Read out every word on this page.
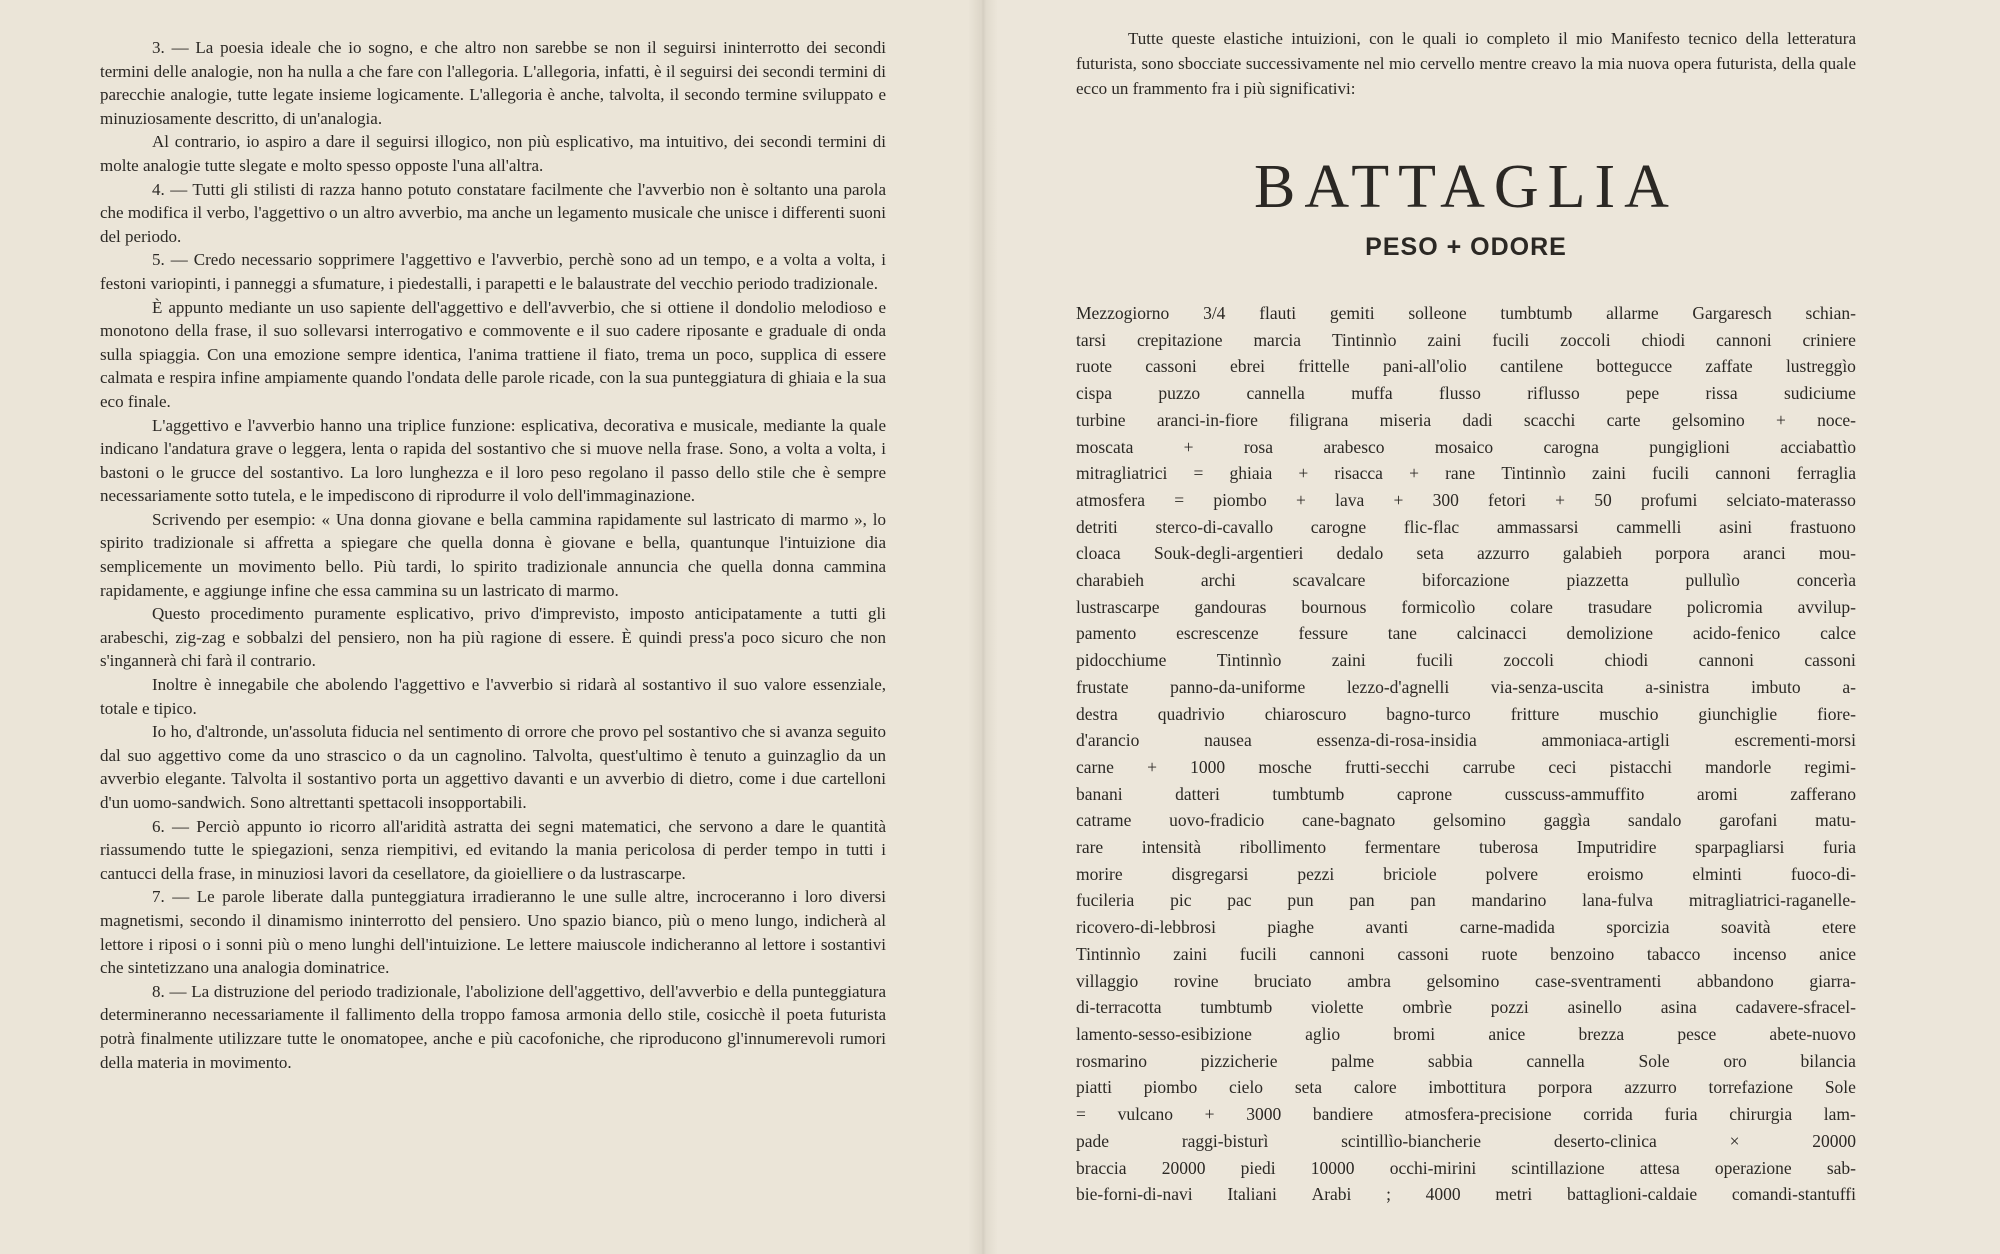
3. — La poesia ideale che io sogno, e che altro non sarebbe se non il seguirsi ininterrotto dei secondi termini delle analogie, non ha nulla a che fare con l'allegoria. L'allegoria, infatti, è il seguirsi dei secondi termini di parecchie analogie, tutte legate insieme logicamente. L'allegoria è anche, talvolta, il secondo termine sviluppato e minuziosamente descritto, di un'analogia.

Al contrario, io aspiro a dare il seguirsi illogico, non più esplicativo, ma intuitivo, dei secondi termini di molte analogie tutte slegate e molto spesso opposte l'una all'altra.

4. — Tutti gli stilisti di razza hanno potuto constatare facilmente che l'avverbio non è soltanto una parola che modifica il verbo, l'aggettivo o un altro avverbio, ma anche un legamento musicale che unisce i differenti suoni del periodo.

5. — Credo necessario sopprimere l'aggettivo e l'avverbio, perchè sono ad un tempo, e a volta a volta, i festoni variopinti, i panneggi a sfumature, i piedestalli, i parapetti e le balaustrate del vecchio periodo tradizionale.

È appunto mediante un uso sapiente dell'aggettivo e dell'avverbio, che si ottiene il dondolio melodioso e monotono della frase, il suo sollevarsi interrogativo e commovente e il suo cadere riposante e graduale di onda sulla spiaggia. Con una emozione sempre identica, l'anima trattiene il fiato, trema un poco, supplica di essere calmata e respira infine ampiamente quando l'ondata delle parole ricade, con la sua punteggiatura di ghiaia e la sua eco finale.

L'aggettivo e l'avverbio hanno una triplice funzione: esplicativa, decorativa e musicale, mediante la quale indicano l'andatura grave o leggera, lenta o rapida del sostantivo che si muove nella frase. Sono, a volta a volta, i bastoni o le grucce del sostantivo. La loro lunghezza e il loro peso regolano il passo dello stile che è sempre necessariamente sotto tutela, e le impediscono di riprodurre il volo dell'immaginazione.

Scrivendo per esempio: « Una donna giovane e bella cammina rapidamente sul lastricato di marmo », lo spirito tradizionale si affretta a spiegare che quella donna è giovane e bella, quantunque l'intuizione dia semplicemente un movimento bello. Più tardi, lo spirito tradizionale annuncia che quella donna cammina rapidamente, e aggiunge infine che essa cammina su un lastricato di marmo.

Questo procedimento puramente esplicativo, privo d'imprevisto, imposto anticipatamente a tutti gli arabeschi, zig-zag e sobbalzi del pensiero, non ha più ragione di essere. È quindi press'a poco sicuro che non s'ingannerà chi farà il contrario.

Inoltre è innegabile che abolendo l'aggettivo e l'avverbio si ridarà al sostantivo il suo valore essenziale, totale e tipico.

Io ho, d'altronde, un'assoluta fiducia nel sentimento di orrore che provo pel sostantivo che si avanza seguito dal suo aggettivo come da uno strascico o da un cagnolino. Talvolta, quest'ultimo è tenuto a guinzaglio da un avverbio elegante. Talvolta il sostantivo porta un aggettivo davanti e un avverbio di dietro, come i due cartelloni d'un uomo-sandwich. Sono altrettanti spettacoli insopportabili.

6. — Perciò appunto io ricorro all'aridità astratta dei segni matematici, che servono a dare le quantità riassumendo tutte le spiegazioni, senza riempitivi, ed evitando la mania pericolosa di perder tempo in tutti i cantucci della frase, in minuziosi lavori da cesellatore, da gioielliere o da lustrascarpe.

7. — Le parole liberate dalla punteggiatura irradieranno le une sulle altre, incroceranno i loro diversi magnetismi, secondo il dinamismo ininterrotto del pensiero. Uno spazio bianco, più o meno lungo, indicherà al lettore i riposi o i sonni più o meno lunghi dell'intuizione. Le lettere maiuscole indicheranno al lettore i sostantivi che sintetizzano una analogia dominatrice.

8. — La distruzione del periodo tradizionale, l'abolizione dell'aggettivo, dell'avverbio e della punteggiatura determineranno necessariamente il fallimento della troppo famosa armonia dello stile, cosicchè il poeta futurista potrà finalmente utilizzare tutte le onomatopee, anche e più cacofoniche, che riproducono gl'innumerevoli rumori della materia in movimento.

Tutte queste elastiche intuizioni, con le quali io completo il mio Manifesto tecnico della letteratura futurista, sono sbocciate successivamente nel mio cervello mentre creavo la mia nuova opera futurista, della quale ecco un frammento fra i più significativi:

BATTAGLIA
PESO + ODORE
Mezzogiorno 3/4 flauti gemiti solleone tumbtumb allarme Gargaresch schian-
tarsi crepitazione marcia Tintinnìo zaini fucili zoccoli chiodi cannoni criniere
ruote cassoni ebrei frittelle pani-all'olio cantilene bottegucce zaffate lustreggìo
cispa	puzzo	cannella	muffa	flusso	riflusso	pepe	rissa	sudiciume
turbine aranci-in-fiore filigrana miseria dadi scacchi carte gelsomino + noce-
moscata	+	rosa	arabesco	mosaico	carogna	pungiglioni	acciabattìo
mitragliatrici = ghiaia + risacca + rane Tintinnìo zaini fucili cannoni ferraglia
atmosfera = piombo + lava + 300 fetori + 50 profumi selciato-materasso
detriti sterco-di-cavallo carogne flic-flac ammassarsi cammelli asini frastuono
cloaca Souk-degli-argentieri dedalo seta azzurro galabieh porpora aranci mou-
charabieh	archi	scavalcare	biforcazione	piazzetta	pullulìo	concerìa
lustrascarpe gandouras bournous formicolìo colare trasudare policromia avvilup-
pamento escrescenze fessure tane calcinacci demolizione acido-fenico calce
pidocchiume	Tintinnìo	zaini	fucili	zoccoli	chiodi	cannoni	cassoni
frustate panno-da-uniforme lezzo-d'agnelli via-senza-uscita a-sinistra imbuto a-
destra quadrivio chiaroscuro bagno-turco fritture muschio giunchiglie fiore-
d'arancio	nausea	essenza-di-rosa-insidia	ammoniaca-artigli	escrementi-morsi
carne + 1000 mosche frutti-secchi carrube ceci pistacchi mandorle regimi-
banani	datteri	tumbtumb	caprone	cusscuss-ammuffito	aromi	zafferano
catrame uovo-fradicio cane-bagnato gelsomino gaggìa sandalo garofani matu-
rare intensità ribollimento fermentare tuberosa Imputridire sparpagliarsi furia
morire	disgregarsi	pezzi	briciole	polvere	eroismo	elminti	fuoco-di-
fucileria pic pac pun pan pan mandarino lana-fulva mitragliatrici-raganelle-
ricovero-di-lebbrosi	piaghe	avanti	carne-madida	sporcizia	soavità	etere
Tintinnìo zaini fucili cannoni cassoni ruote benzoino tabacco incenso anice
villaggio rovine bruciato ambra gelsomino case-sventramenti abbandono giarra-
di-terracotta tumbtumb violette ombrìe pozzi asinello asina cadavere-sfracel-
lamento-sesso-esibizione	aglio	bromi	anice	brezza	pesce	abete-nuovo
rosmarino	pizzicherie	palme	sabbia	cannella	Sole	oro	bilancia
piatti piombo cielo seta calore imbottitura porpora azzurro torrefazione Sole
= vulcano + 3000 bandiere atmosfera-precisione corrida furia chirurgia lam-
pade	raggi-bisturì	scintillìo-biancherie	deserto-clinica	×	20000
braccia 20000 piedi 10000 occhi-mirini scintillazione attesa operazione sab-
bie-forni-di-navi Italiani Arabi ; 4000 metri battaglioni-caldaie comandi-stantuffi
